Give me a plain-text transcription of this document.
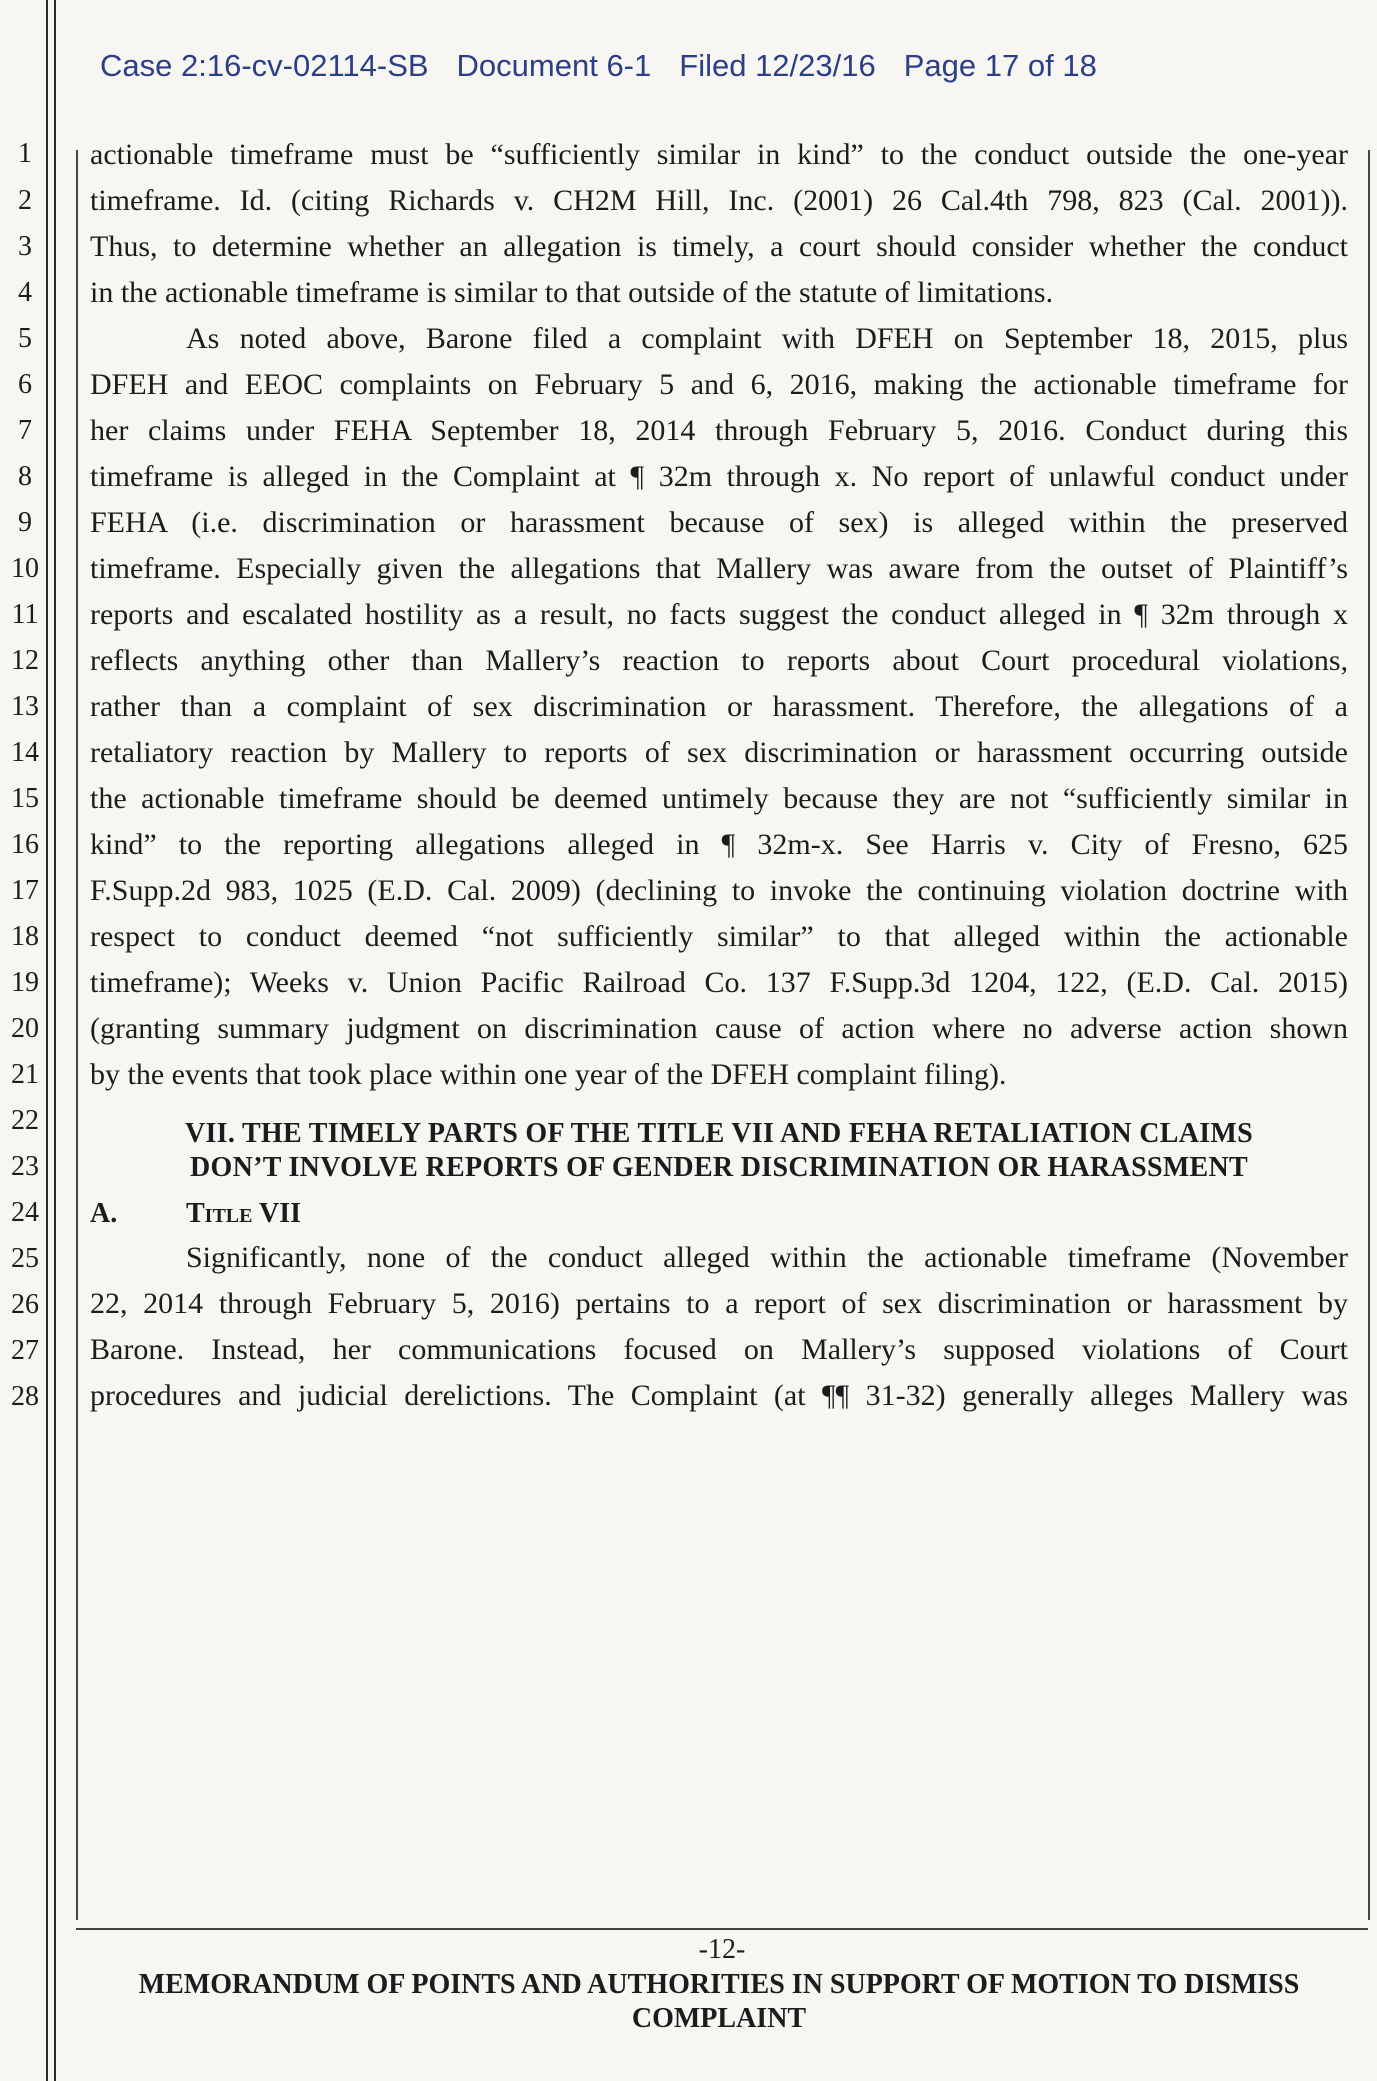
Case 2:16-cv-02114-SB Document 6-1 Filed 12/23/16 Page 17 of 18

1
2
3
4
5
6
7
8
9
10
11
12
13
14
15
16
17
18
19
20
21
22
23
24
25
26
27
28
actionable timeframe must be “sufficiently similar in kind” to the conduct outside the one-year
timeframe. Id. (citing Richards v. CH2M Hill, Inc. (2001) 26 Cal.4th 798, 823 (Cal. 2001)).
Thus, to determine whether an allegation is timely, a court should consider whether the conduct
in the actionable timeframe is similar to that outside of the statute of limitations.
As noted above, Barone filed a complaint with DFEH on September 18, 2015, plus
DFEH and EEOC complaints on February 5 and 6, 2016, making the actionable timeframe for
her claims under FEHA September 18, 2014 through February 5, 2016. Conduct during this
timeframe is alleged in the Complaint at ¶ 32m through x. No report of unlawful conduct under
FEHA (i.e. discrimination or harassment because of sex) is alleged within the preserved
timeframe. Especially given the allegations that Mallery was aware from the outset of Plaintiff’s
reports and escalated hostility as a result, no facts suggest the conduct alleged in ¶ 32m through x
reflects anything other than Mallery’s reaction to reports about Court procedural violations,
rather than a complaint of sex discrimination or harassment. Therefore, the allegations of a
retaliatory reaction by Mallery to reports of sex discrimination or harassment occurring outside
the actionable timeframe should be deemed untimely because they are not “sufficiently similar in
kind” to the reporting allegations alleged in ¶ 32m-x. See Harris v. City of Fresno, 625
F.Supp.2d 983, 1025 (E.D. Cal. 2009) (declining to invoke the continuing violation doctrine with
respect to conduct deemed “not sufficiently similar” to that alleged within the actionable
timeframe); Weeks v. Union Pacific Railroad Co. 137 F.Supp.3d 1204, 122, (E.D. Cal. 2015)
(granting summary judgment on discrimination cause of action where no adverse action shown
by the events that took place within one year of the DFEH complaint filing).
VII. THE TIMELY PARTS OF THE TITLE VII AND FEHA RETALIATION CLAIMS
DON’T INVOLVE REPORTS OF GENDER DISCRIMINATION OR HARASSMENT
A. Title VII
Significantly, none of the conduct alleged within the actionable timeframe (November
22, 2014 through February 5, 2016) pertains to a report of sex discrimination or harassment by
Barone. Instead, her communications focused on Mallery’s supposed violations of Court
procedures and judicial derelictions. The Complaint (at ¶¶ 31-32) generally alleges Mallery was
-12-
MEMORANDUM OF POINTS AND AUTHORITIES IN SUPPORT OF MOTION TO DISMISS
COMPLAINT
